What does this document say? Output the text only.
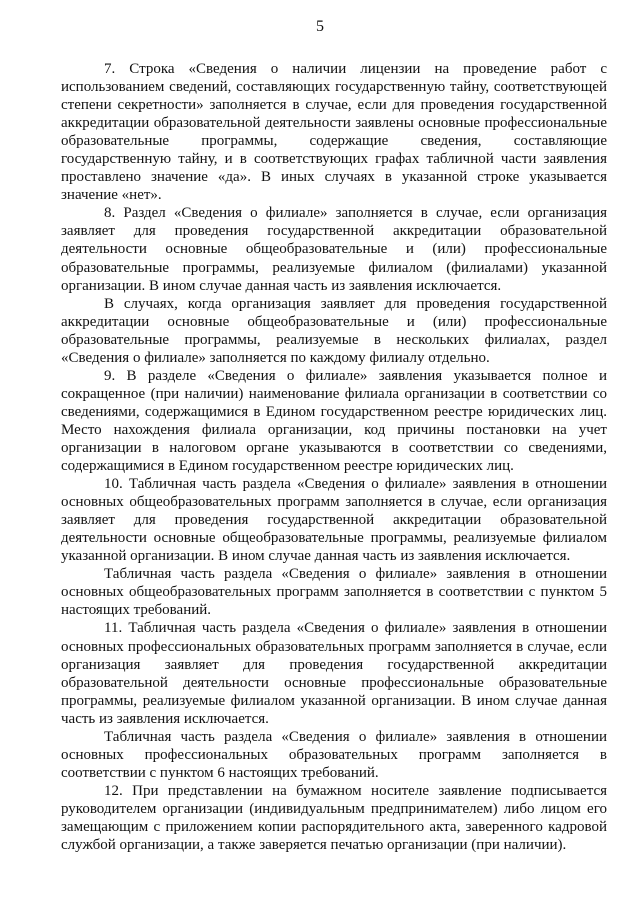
5

7. Строка «Сведения о наличии лицензии на проведение работ с использованием сведений, составляющих государственную тайну, соответствующей степени секретности» заполняется в случае, если для проведения государственной аккредитации образовательной деятельности заявлены основные профессиональные образовательные программы, содержащие сведения, составляющие государственную тайну, и в соответствующих графах табличной части заявления проставлено значение «да». В иных случаях в указанной строке указывается значение «нет».

8. Раздел «Сведения о филиале» заполняется в случае, если организация заявляет для проведения государственной аккредитации образовательной деятельности основные общеобразовательные и (или) профессиональные образовательные программы, реализуемые филиалом (филиалами) указанной организации. В ином случае данная часть из заявления исключается.

В случаях, когда организация заявляет для проведения государственной аккредитации основные общеобразовательные и (или) профессиональные образовательные программы, реализуемые в нескольких филиалах, раздел «Сведения о филиале» заполняется по каждому филиалу отдельно.

9. В разделе «Сведения о филиале» заявления указывается полное и сокращенное (при наличии) наименование филиала организации в соответствии со сведениями, содержащимися в Едином государственном реестре юридических лиц. Место нахождения филиала организации, код причины постановки на учет организации в налоговом органе указываются в соответствии со сведениями, содержащимися в Едином государственном реестре юридических лиц.

10. Табличная часть раздела «Сведения о филиале» заявления в отношении основных общеобразовательных программ заполняется в случае, если организация заявляет для проведения государственной аккредитации образовательной деятельности основные общеобразовательные программы, реализуемые филиалом указанной организации. В ином случае данная часть из заявления исключается.

Табличная часть раздела «Сведения о филиале» заявления в отношении основных общеобразовательных программ заполняется в соответствии с пунктом 5 настоящих требований.

11. Табличная часть раздела «Сведения о филиале» заявления в отношении основных профессиональных образовательных программ заполняется в случае, если организация заявляет для проведения государственной аккредитации образовательной деятельности основные профессиональные образовательные программы, реализуемые филиалом указанной организации. В ином случае данная часть из заявления исключается.

Табличная часть раздела «Сведения о филиале» заявления в отношении основных профессиональных образовательных программ заполняется в соответствии с пунктом 6 настоящих требований.

12. При представлении на бумажном носителе заявление подписывается руководителем организации (индивидуальным предпринимателем) либо лицом его замещающим с приложением копии распорядительного акта, заверенного кадровой службой организации, а также заверяется печатью организации (при наличии).
